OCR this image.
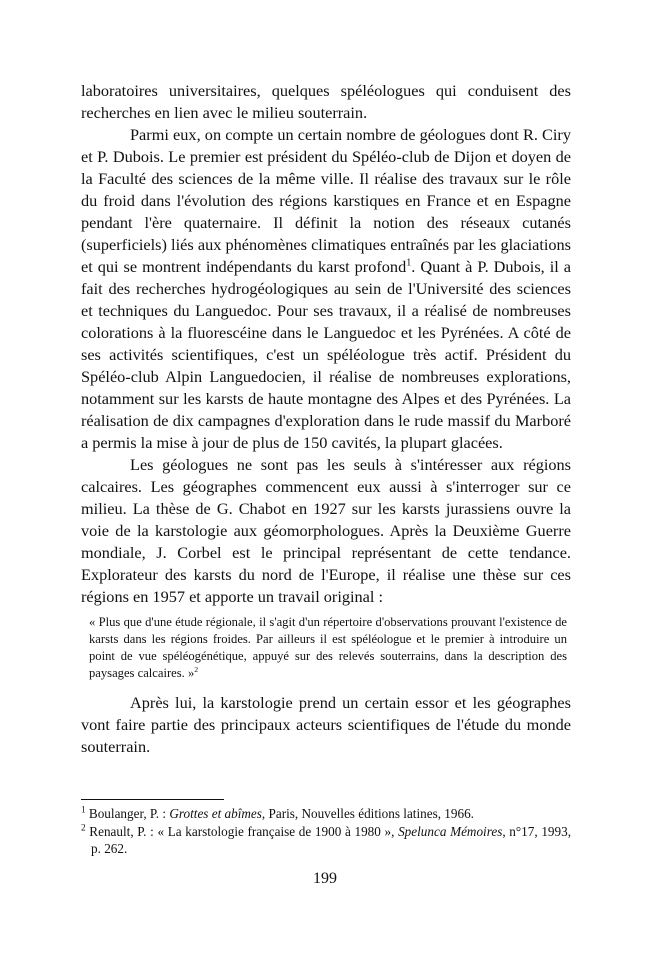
laboratoires universitaires, quelques spéléologues qui conduisent des recherches en lien avec le milieu souterrain.

Parmi eux, on compte un certain nombre de géologues dont R. Ciry et P. Dubois. Le premier est président du Spéléo-club de Dijon et doyen de la Faculté des sciences de la même ville. Il réalise des travaux sur le rôle du froid dans l'évolution des régions karstiques en France et en Espagne pendant l'ère quaternaire. Il définit la notion des réseaux cutanés (superficiels) liés aux phénomènes climatiques entraînés par les glaciations et qui se montrent indépendants du karst profond$^1$. Quant à P. Dubois, il a fait des recherches hydrogéologiques au sein de l'Université des sciences et techniques du Languedoc. Pour ses travaux, il a réalisé de nombreuses colorations à la fluorescéine dans le Languedoc et les Pyrénées. A côté de ses activités scientifiques, c'est un spéléologue très actif. Président du Spéléo-club Alpin Languedocien, il réalise de nombreuses explorations, notamment sur les karsts de haute montagne des Alpes et des Pyrénées. La réalisation de dix campagnes d'exploration dans le rude massif du Marboré a permis la mise à jour de plus de 150 cavités, la plupart glacées.

Les géologues ne sont pas les seuls à s'intéresser aux régions calcaires. Les géographes commencent eux aussi à s'interroger sur ce milieu. La thèse de G. Chabot en 1927 sur les karsts jurassiens ouvre la voie de la karstologie aux géomorphologues. Après la Deuxième Guerre mondiale, J. Corbel est le principal représentant de cette tendance. Explorateur des karsts du nord de l'Europe, il réalise une thèse sur ces régions en 1957 et apporte un travail original :

« Plus que d'une étude régionale, il s'agit d'un répertoire d'observations prouvant l'existence de karsts dans les régions froides. Par ailleurs il est spéléologue et le premier à introduire un point de vue spéléogénétique, appuyé sur des relevés souterrains, dans la description des paysages calcaires. »$^2$

Après lui, la karstologie prend un certain essor et les géographes vont faire partie des principaux acteurs scientifiques de l'étude du monde souterrain.

$^1$ Boulanger, P. : Grottes et abîmes, Paris, Nouvelles éditions latines, 1966.

$^2$ Renault, P. : « La karstologie française de 1900 à 1980 », Spelunca Mémoires, n°17, 1993, p. 262.

199
